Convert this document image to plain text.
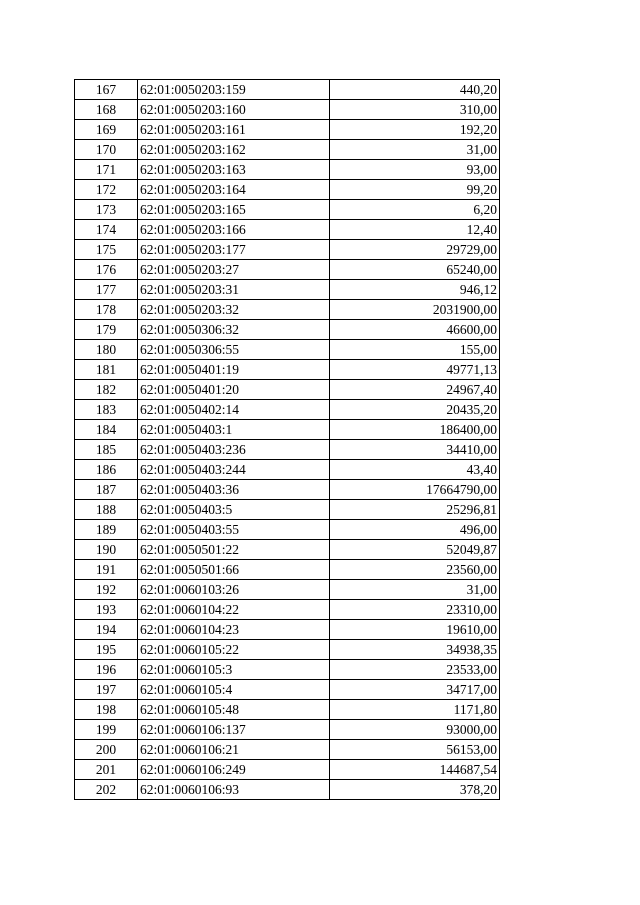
167	62:01:0050203:159	440,20
168	62:01:0050203:160	310,00
169	62:01:0050203:161	192,20
170	62:01:0050203:162	31,00
171	62:01:0050203:163	93,00
172	62:01:0050203:164	99,20
173	62:01:0050203:165	6,20
174	62:01:0050203:166	12,40
175	62:01:0050203:177	29729,00
176	62:01:0050203:27	65240,00
177	62:01:0050203:31	946,12
178	62:01:0050203:32	2031900,00
179	62:01:0050306:32	46600,00
180	62:01:0050306:55	155,00
181	62:01:0050401:19	49771,13
182	62:01:0050401:20	24967,40
183	62:01:0050402:14	20435,20
184	62:01:0050403:1	186400,00
185	62:01:0050403:236	34410,00
186	62:01:0050403:244	43,40
187	62:01:0050403:36	17664790,00
188	62:01:0050403:5	25296,81
189	62:01:0050403:55	496,00
190	62:01:0050501:22	52049,87
191	62:01:0050501:66	23560,00
192	62:01:0060103:26	31,00
193	62:01:0060104:22	23310,00
194	62:01:0060104:23	19610,00
195	62:01:0060105:22	34938,35
196	62:01:0060105:3	23533,00
197	62:01:0060105:4	34717,00
198	62:01:0060105:48	1171,80
199	62:01:0060106:137	93000,00
200	62:01:0060106:21	56153,00
201	62:01:0060106:249	144687,54
202	62:01:0060106:93	378,20
